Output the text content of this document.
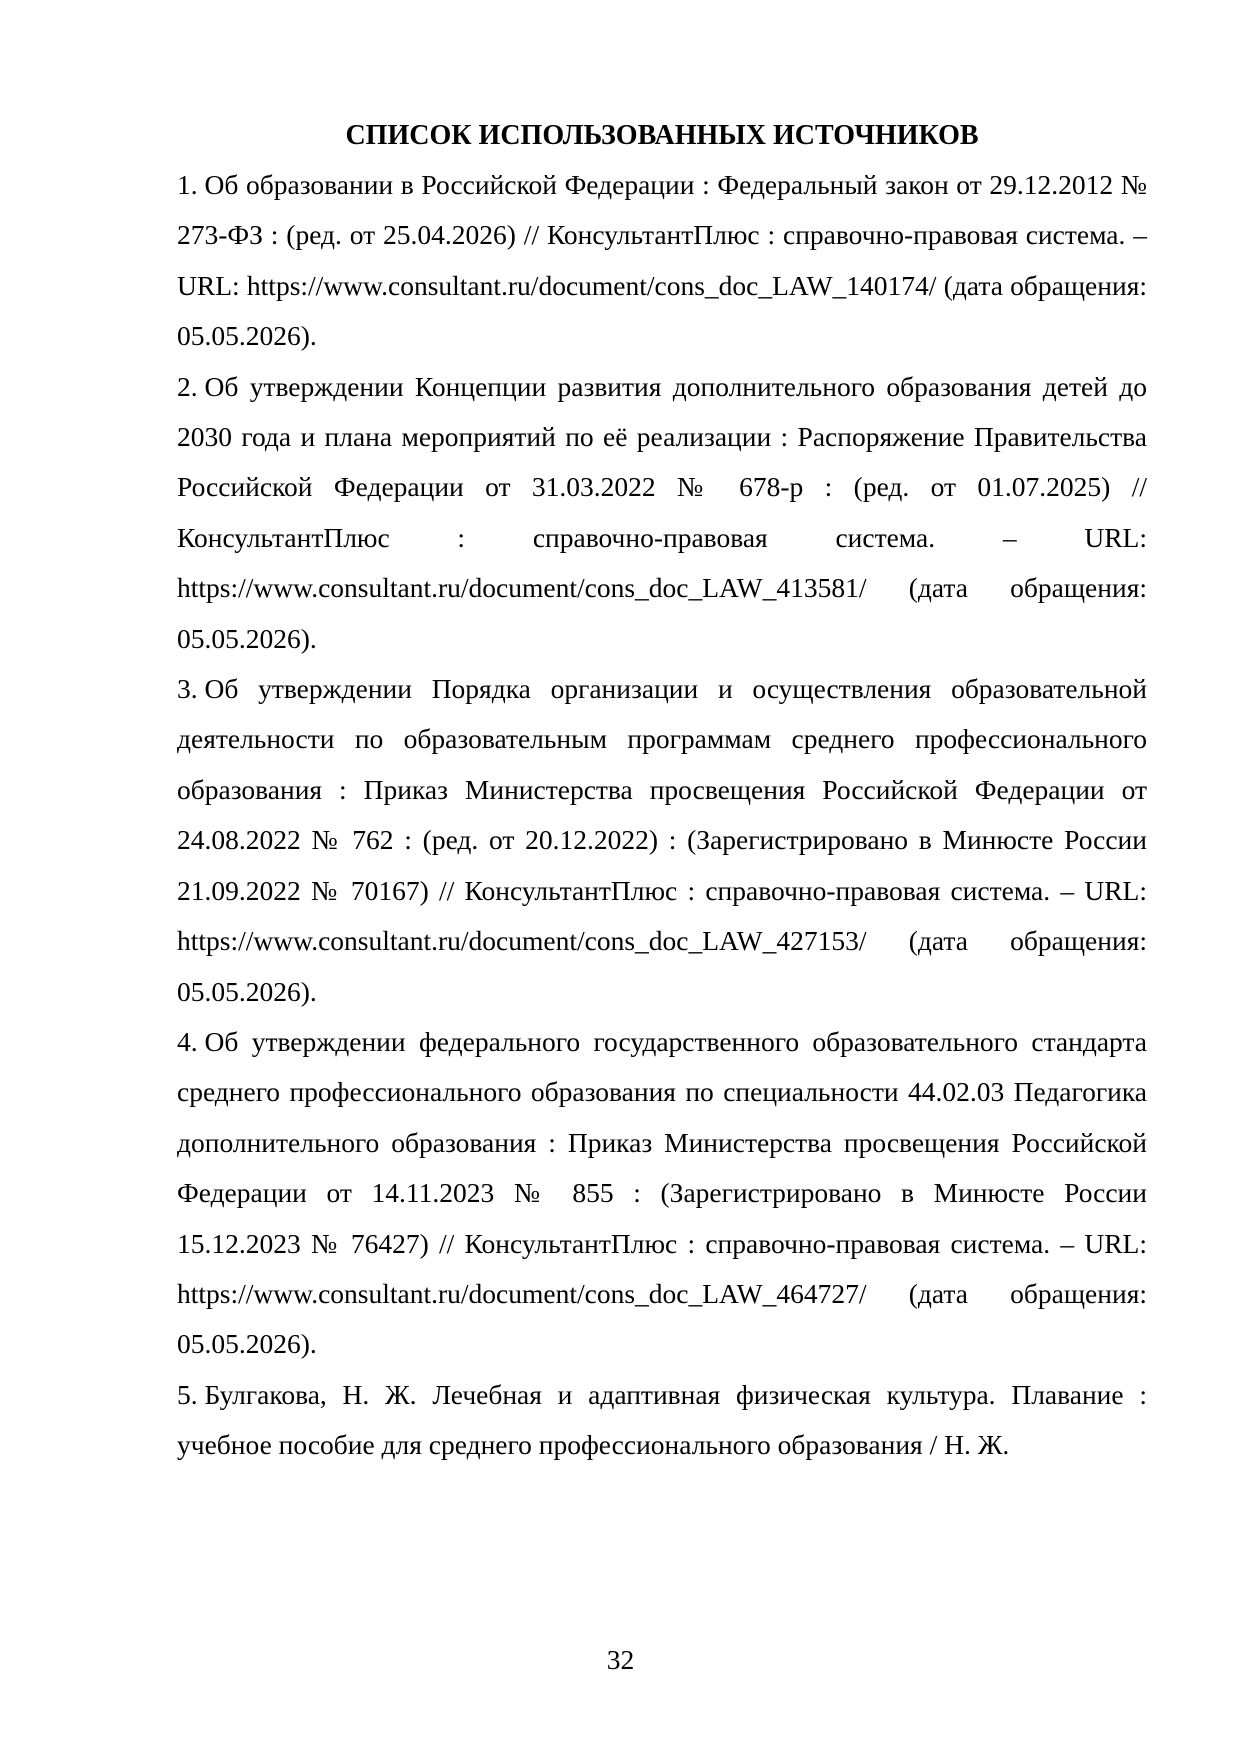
СПИСОК ИСПОЛЬЗОВАННЫХ ИСТОЧНИКОВ

1. Об образовании в Российской Федерации : Федеральный закон от 29.12.2012 № 273-ФЗ : (ред. от 25.04.2026) // КонсультантПлюс : справочно-правовая система. – URL: https://www.consultant.ru/document/cons_doc_LAW_140174/ (дата обращения: 05.05.2026).

2. Об утверждении Концепции развития дополнительного образования детей до 2030 года и плана мероприятий по её реализации : Распоряжение Правительства Российской Федерации от 31.03.2022 № 678-р : (ред. от 01.07.2025) // КонсультантПлюс : справочно-правовая система. – URL: https://www.consultant.ru/document/cons_doc_LAW_413581/ (дата обращения: 05.05.2026).

3. Об утверждении Порядка организации и осуществления образовательной деятельности по образовательным программам среднего профессионального образования : Приказ Министерства просвещения Российской Федерации от 24.08.2022 № 762 : (ред. от 20.12.2022) : (Зарегистрировано в Минюсте России 21.09.2022 № 70167) // КонсультантПлюс : справочно-правовая система. – URL: https://www.consultant.ru/document/cons_doc_LAW_427153/ (дата обращения: 05.05.2026).

4. Об утверждении федерального государственного образовательного стандарта среднего профессионального образования по специальности 44.02.03 Педагогика дополнительного образования : Приказ Министерства просвещения Российской Федерации от 14.11.2023 № 855 : (Зарегистрировано в Минюсте России 15.12.2023 № 76427) // КонсультантПлюс : справочно-правовая система. – URL: https://www.consultant.ru/document/cons_doc_LAW_464727/ (дата обращения: 05.05.2026).

5. Булгакова, Н. Ж. Лечебная и адаптивная физическая культура. Плавание : учебное пособие для среднего профессионального образования / Н. Ж.

32
